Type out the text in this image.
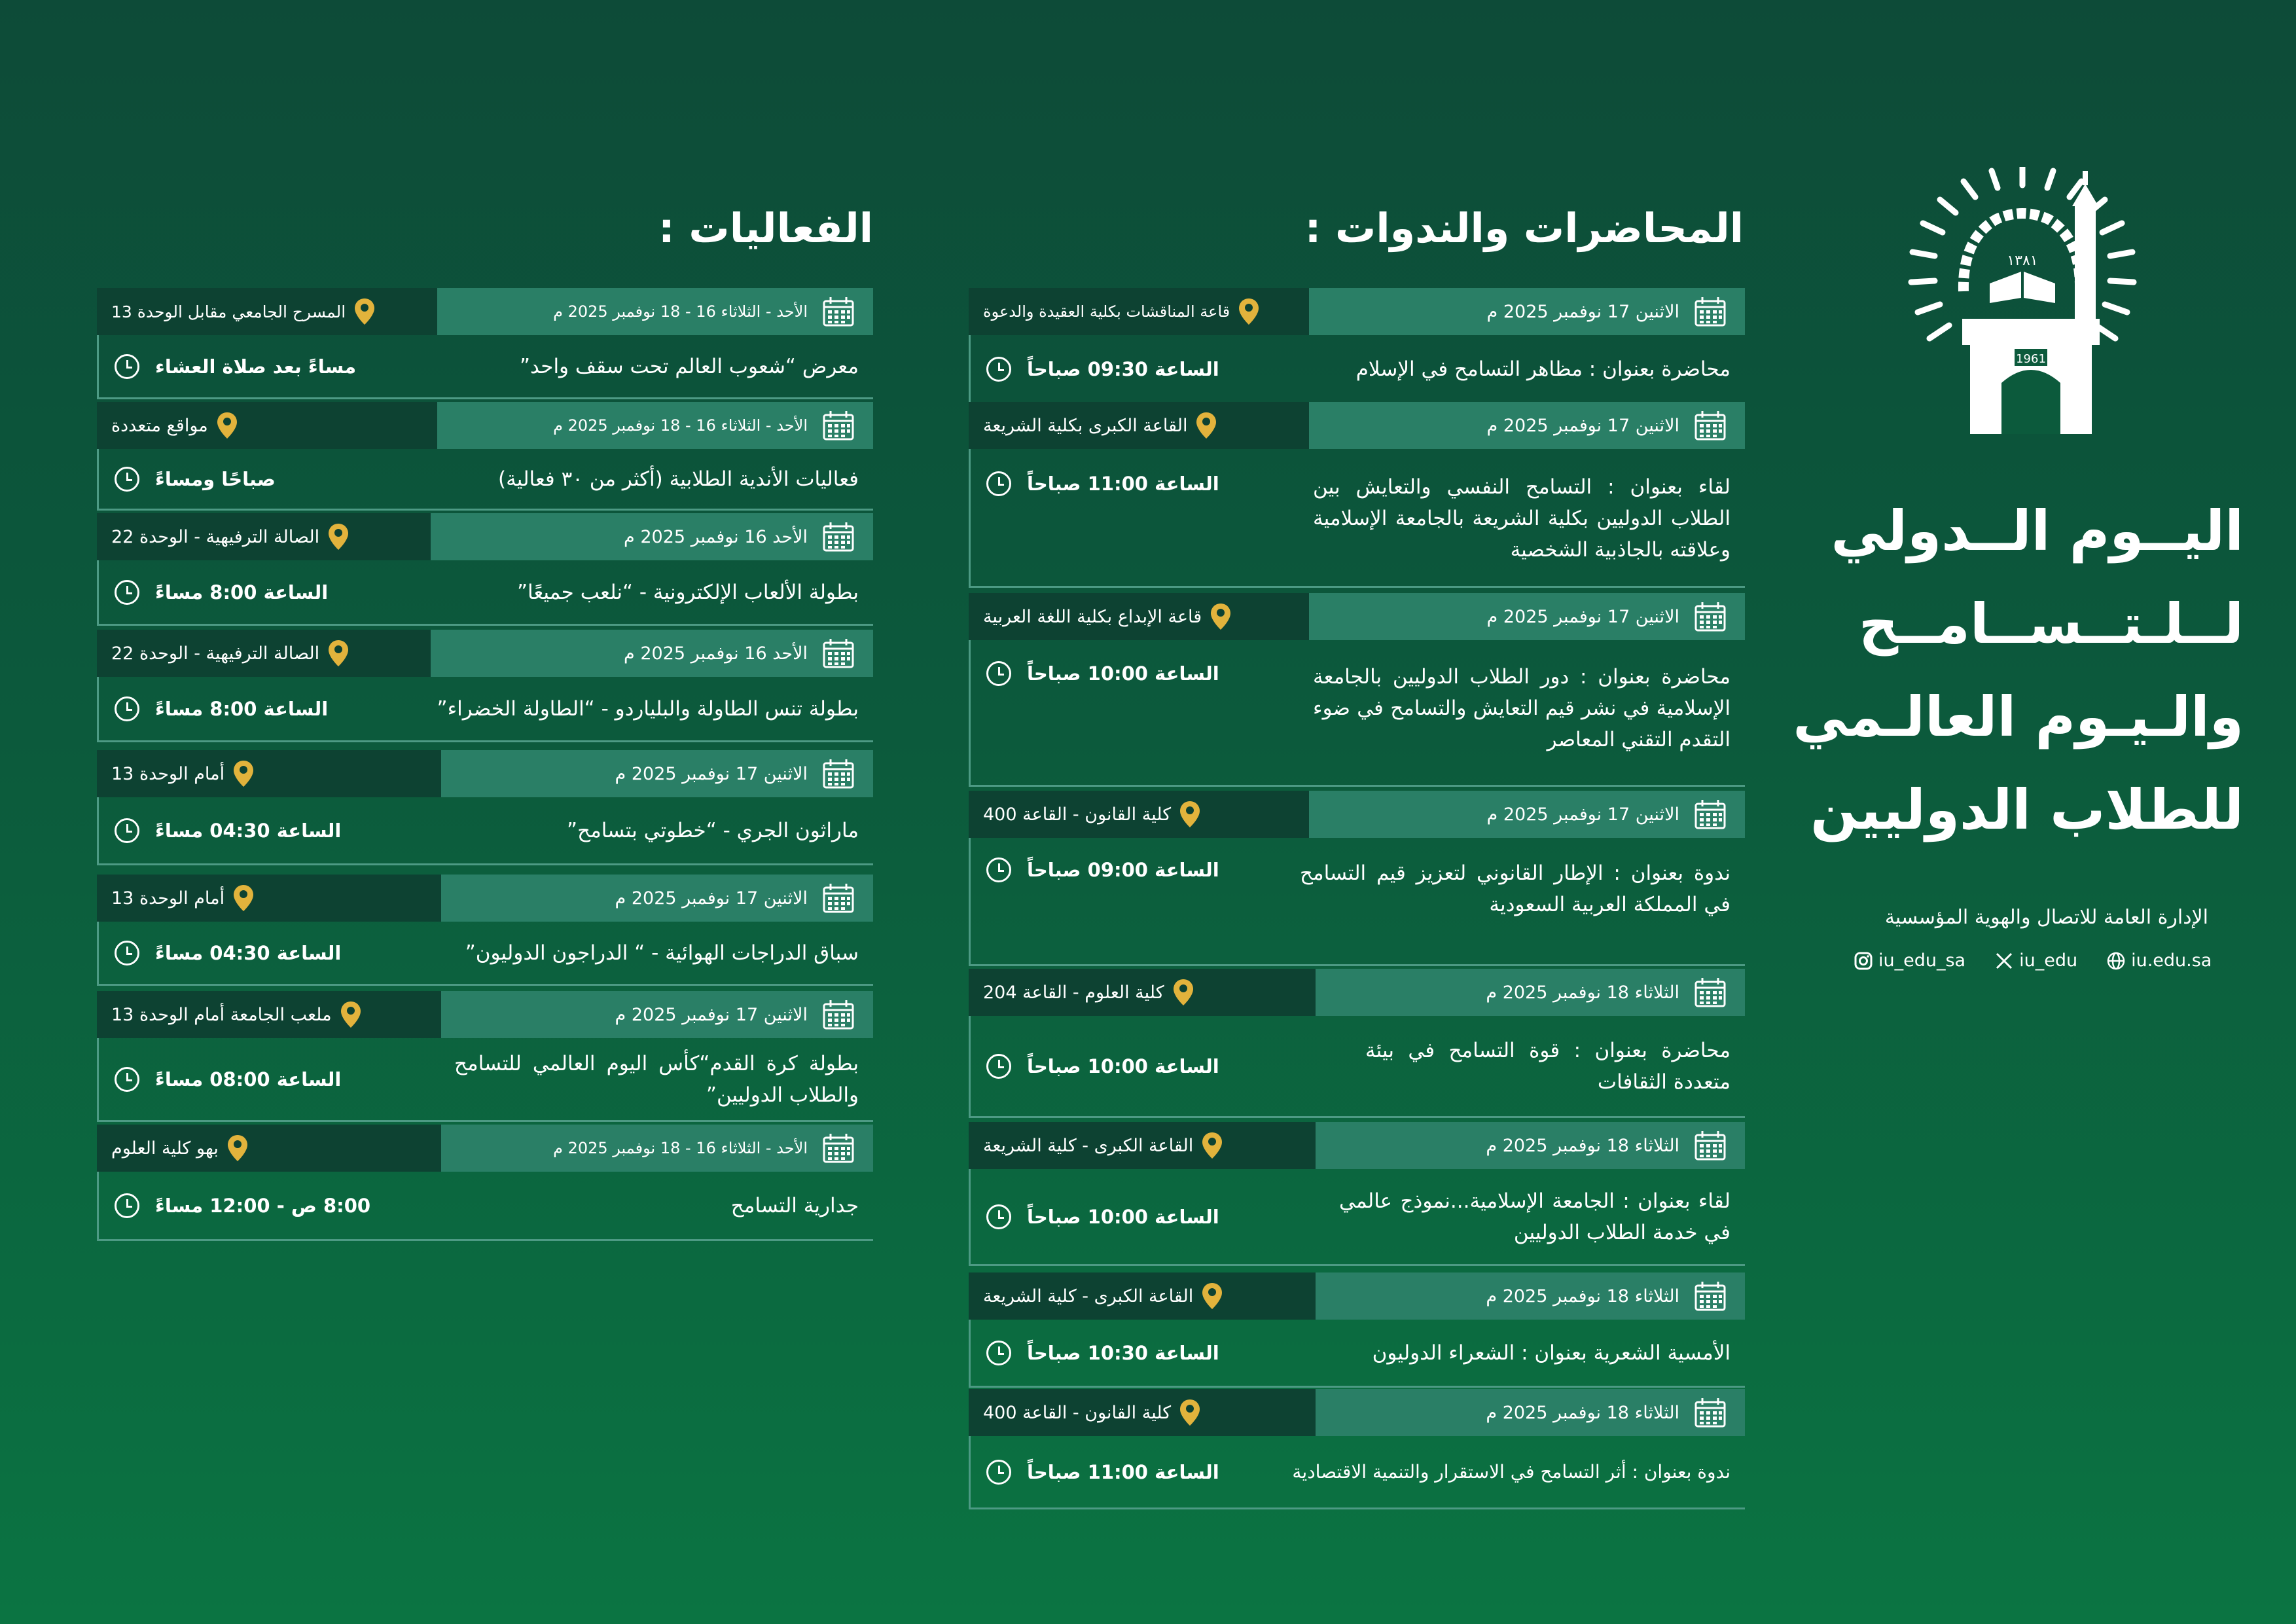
المحاضرات والندوات :
قاعة المناقشات بكلية العقيدة والدعوة	الاثنين 17 نوفمبر 2025 م
الساعة 09:30 صباحاً	محاضرة بعنوان : مظاهر التسامح في الإسلام
القاعة الكبرى بكلية الشريعة	الاثنين 17 نوفمبر 2025 م
الساعة 11:00 صباحاً	لقاء بعنوان : التسامح النفسي والتعايش بين الطلاب الدوليين بكلية الشريعة بالجامعة الإسلامية وعلاقته بالجاذبية الشخصية
قاعة الإبداع بكلية اللغة العربية	الاثنين 17 نوفمبر 2025 م
الساعة 10:00 صباحاً	محاضرة بعنوان : دور الطلاب الدوليين بالجامعة الإسلامية في نشر قيم التعايش والتسامح في ضوء التقدم التقني المعاصر
كلية القانون - القاعة 400	الاثنين 17 نوفمبر 2025 م
الساعة 09:00 صباحاً	ندوة بعنوان : الإطار القانوني لتعزيز قيم التسامح في المملكة العربية السعودية
كلية العلوم - القاعة 204	الثلاثاء 18 نوفمبر 2025 م
الساعة 10:00 صباحاً
محاضرة بعنوان : قوة التسامح في بيئة متعددة الثقافات
القاعة الكبرى - كلية الشريعة	الثلاثاء 18 نوفمبر 2025 م
الساعة 10:00 صباحاً
لقاء بعنوان : الجامعة الإسلامية...نموذج عالمي في خدمة الطلاب الدوليين
القاعة الكبرى - كلية الشريعة	الثلاثاء 18 نوفمبر 2025 م
الساعة 10:30 صباحاً	الأمسية الشعرية بعنوان : الشعراء الدوليون
كلية القانون - القاعة 400	الثلاثاء 18 نوفمبر 2025 م
الساعة 11:00 صباحاً	ندوة بعنوان : أثر التسامح في الاستقرار والتنمية الاقتصادية
الفعاليات :
المسرح الجامعي مقابل الوحدة 13	الأحد - الثلاثاء 16 - 18 نوفمبر 2025 م
مساءً بعد صلاة العشاء	معرض “شعوب العالم تحت سقف واحد”
مواقع متعددة	الأحد - الثلاثاء 16 - 18 نوفمبر 2025 م
صباحًا ومساءً	فعاليات الأندية الطلابية (أكثر من ٣٠ فعالية)
الصالة الترفيهية - الوحدة 22	الأحد 16 نوفمبر 2025 م
الساعة 8:00 مساءً	بطولة الألعاب الإلكترونية - “نلعب جميعًا”
الصالة الترفيهية - الوحدة 22	الأحد 16 نوفمبر 2025 م
الساعة 8:00 مساءً	بطولة تنس الطاولة والبلياردو - “الطاولة الخضراء”
أمام الوحدة 13	الاثنين 17 نوفمبر 2025 م
الساعة 04:30 مساءً	ماراثون الجري - “خطوتي بتسامح”
أمام الوحدة 13	الاثنين 17 نوفمبر 2025 م
الساعة 04:30 مساءً	سباق الدراجات الهوائية - “ الدراجون الدوليون”
ملعب الجامعة أمام الوحدة 13	الاثنين 17 نوفمبر 2025 م
الساعة 08:00 مساءً
بطولة كرة القدم“كأس اليوم العالمي للتسامح والطلاب الدوليين”
بهو كلية العلوم	الأحد - الثلاثاء 16 - 18 نوفمبر 2025 م
8:00 ص - 12:00 مساءً	جدارية التسامح
1961
١٣٨١
اليــوم الــدولي
لــلـتــســامــح
والـيـوم العالـمي
للطلاب الدوليين
الإدارة العامة للاتصال والهوية المؤسسية
iu_edu_sa	iu_edu	iu.edu.sa
